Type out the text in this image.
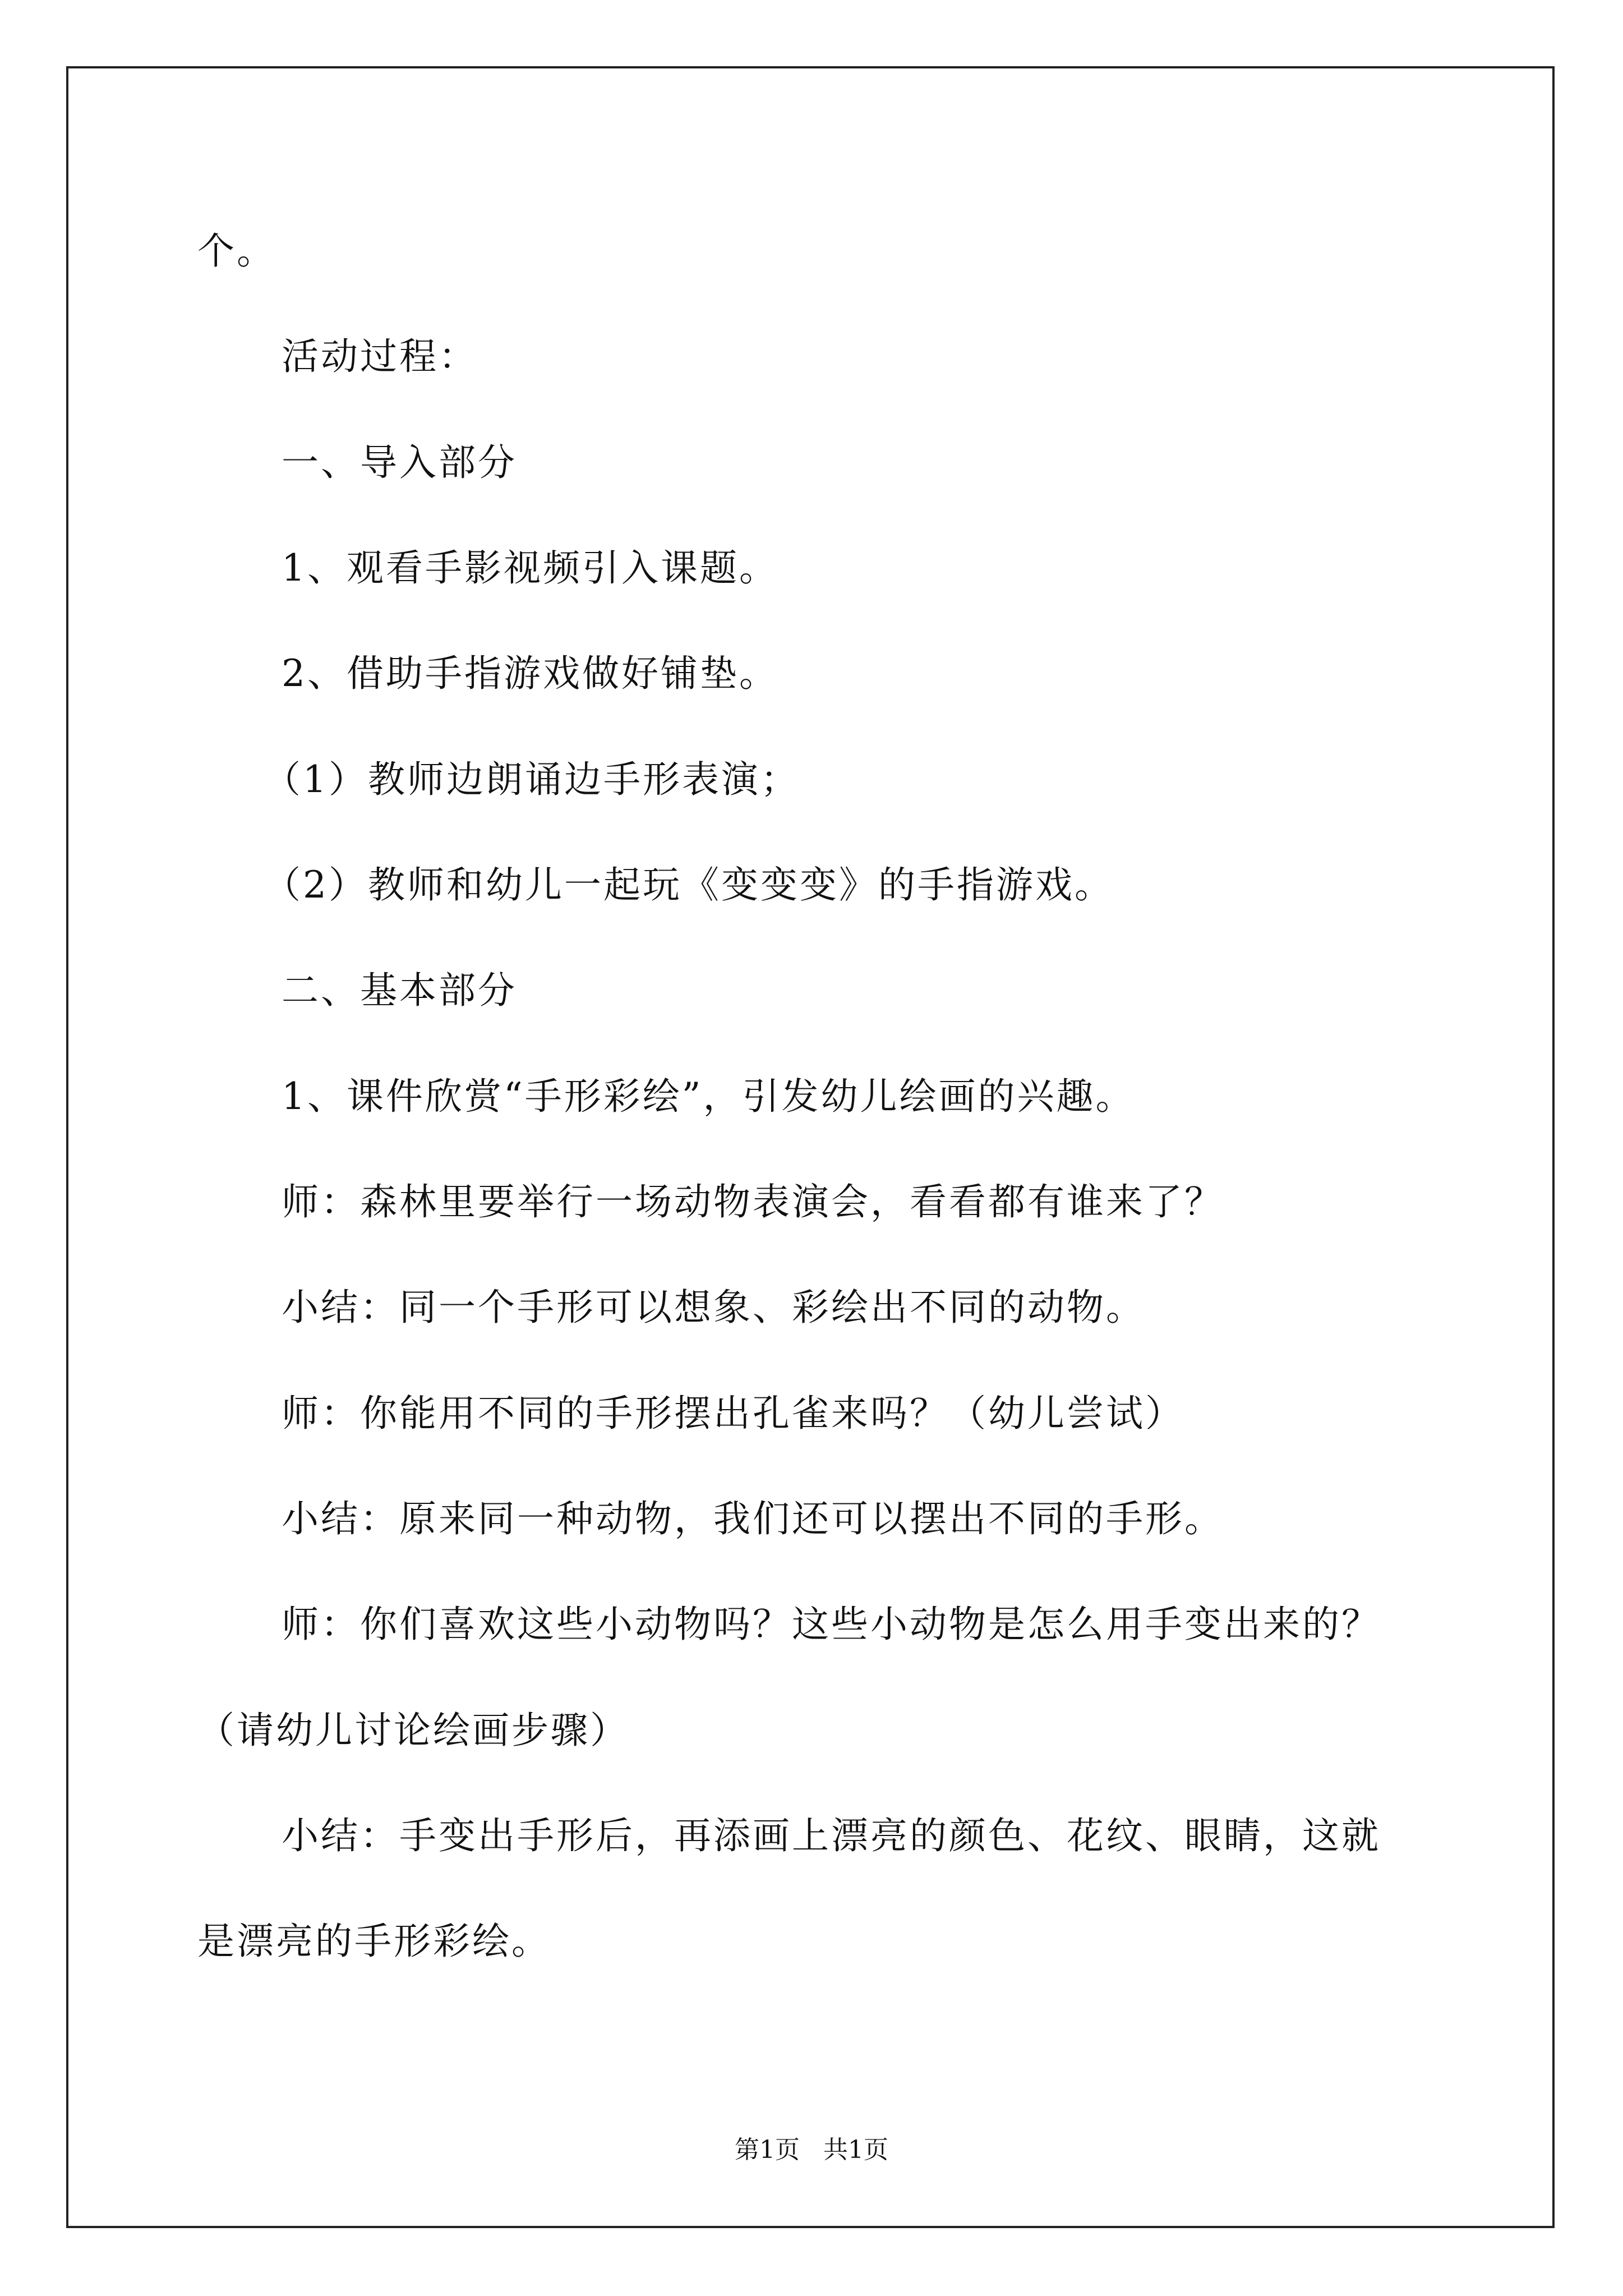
个。
活动过程：
一、导入部分
1、观看手影视频引入课题。
2、借助手指游戏做好铺垫。
（1）教师边朗诵边手形表演；
（2）教师和幼儿一起玩《变变变》的手指游戏。
二、基本部分
1、课件欣赏“手形彩绘”，引发幼儿绘画的兴趣。
师：森林里要举行一场动物表演会，看看都有谁来了？
小结：同一个手形可以想象、彩绘出不同的动物。
师：你能用不同的手形摆出孔雀来吗？（幼儿尝试）
小结：原来同一种动物，我们还可以摆出不同的手形。
师：你们喜欢这些小动物吗？这些小动物是怎么用手变出来的？
（请幼儿讨论绘画步骤）
小结：手变出手形后，再添画上漂亮的颜色、花纹、眼睛，这就
是漂亮的手形彩绘。
第1页   共1页
